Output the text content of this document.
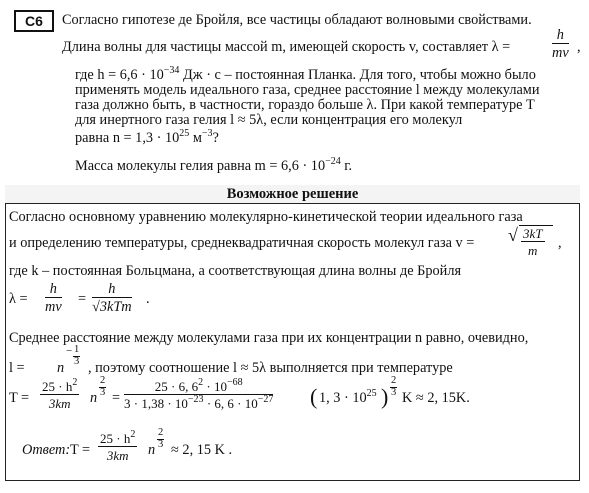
C6	Согласно гипотезе де Бройля, все частицы обладают волновыми свойствами.
Длина волны для частицы массой m, имеющей скорость v, составляет λ =	$\frac{h}{mv}$ ,
где $h = 6,6 \cdot 10^{-34}$ Дж · с – постоянная Планка. Для того, чтобы можно было
применять модель идеального газа, среднее расстояние l между молекулами
газа должно быть, в частности, гораздо больше λ. При какой температуре T
для инертного газа гелия l ≈ 5λ, если концентрация его молекул
равна $n = 1,3 \cdot 10^{25}$ $м^{-3}$?
Масса молекулы гелия равна $m = 6,6 \cdot 10^{-24}$ г.
Возможное решение
Согласно основному уравнению молекулярно-кинетической теории идеального газа
и определению температуры, среднеквадратичная скорость молекул газа v = √ $\frac{3kT}{m}$ ,
где k – постоянная Больцмана, а соответствующая длина волны де Бройля
$\lambda = \frac{h}{mv}$ =
h
√3kTm
.
Среднее расстояние между молекулами газа при их концентрации n равно, очевидно,
l = n
− $\frac{1}{3}$
, поэтому соотношение l ≈ 5λ выполняется при температуре
$T = \frac{25 \cdot h^2}{3km}$ n $\frac{2}{3} = \frac{25 \cdot 6, 6^2 \cdot 10^{-68}}{3 \cdot 1,38 \cdot 10^{-23} \cdot 6, 6 \cdot 10^{-27}}$ ( 1, $3 \cdot 10^{25}$ ) $\frac{2}{3}$ K ≈ 2, 15K.
Ответ: $T = \frac{25 \cdot h^2}{3km}$ n $\frac{2}{3} \approx 2$, 15 K .
